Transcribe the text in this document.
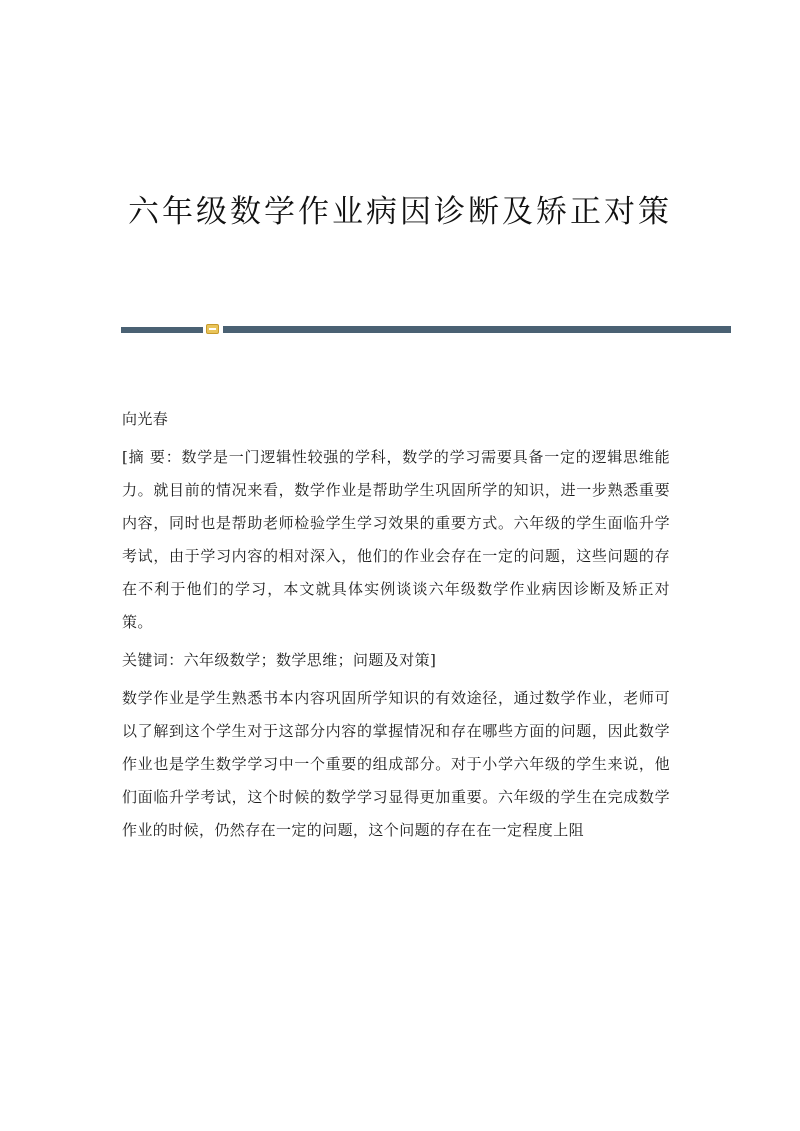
六年级数学作业病因诊断及矫正对策

向光春

[摘 要：数学是一门逻辑性较强的学科，数学的学习需要具备一定的逻辑思维能力。就目前的情况来看，数学作业是帮助学生巩固所学的知识，进一步熟悉重要内容，同时也是帮助老师检验学生学习效果的重要方式。六年级的学生面临升学考试，由于学习内容的相对深入，他们的作业会存在一定的问题，这些问题的存在不利于他们的学习，本文就具体实例谈谈六年级数学作业病因诊断及矫正对策。

关键词：六年级数学；数学思维；问题及对策]

数学作业是学生熟悉书本内容巩固所学知识的有效途径，通过数学作业，老师可以了解到这个学生对于这部分内容的掌握情况和存在哪些方面的问题，因此数学作业也是学生数学学习中一个重要的组成部分。对于小学六年级的学生来说，他们面临升学考试，这个时候的数学学习显得更加重要。六年级的学生在完成数学作业的时候，仍然存在一定的问题，这个问题的存在在一定程度上阻
